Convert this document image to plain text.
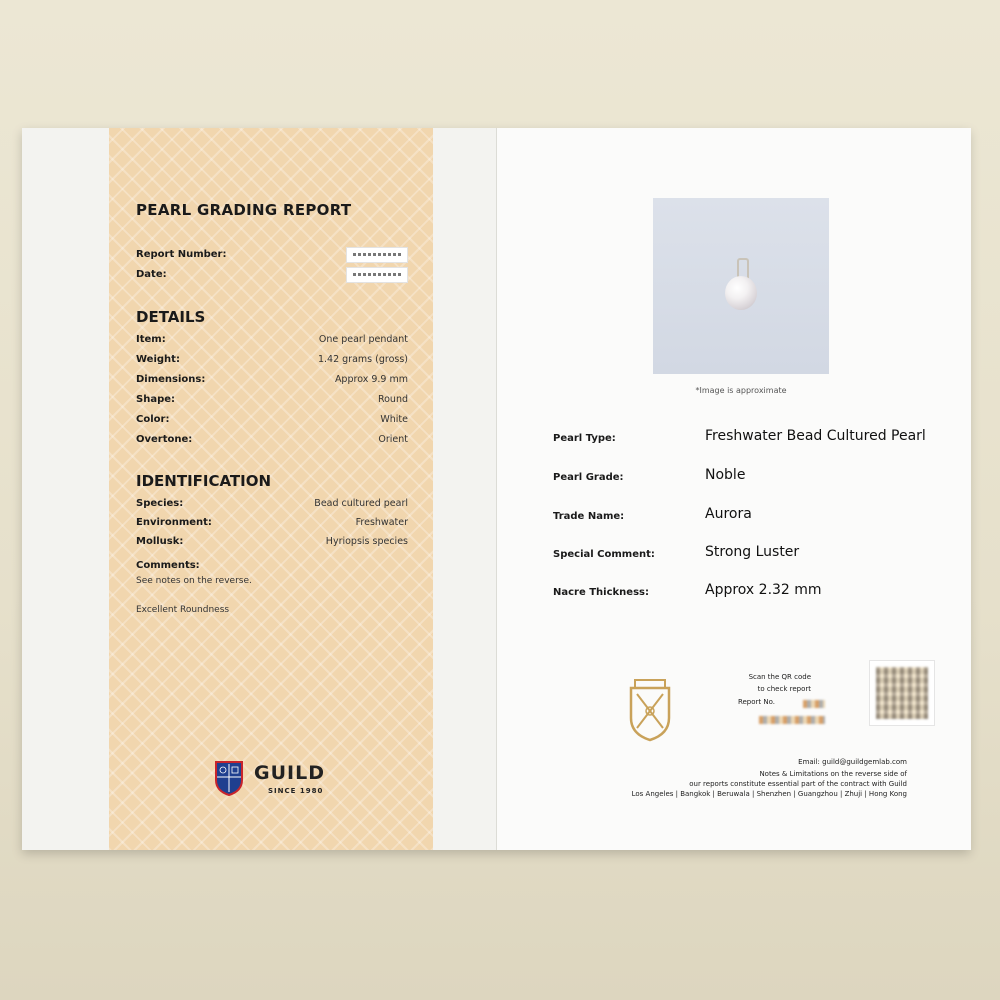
PEARL GRADING REPORT
Report Number:
Date:
DETAILS
Item:	One pearl pendant
Weight:	1.42 grams (gross)
Dimensions:	Approx 9.9 mm
Shape:	Round
Color:	White
Overtone:	Orient
IDENTIFICATION
Species:	Bead cultured pearl
Environment:	Freshwater
Mollusk:	Hyriopsis species
Comments:
See notes on the reverse.
Excellent Roundness
GUILD
SINCE 1980
*Image is approximate
Pearl Type:	Freshwater Bead Cultured Pearl
Pearl Grade:	Noble
Trade Name:	Aurora
Special Comment:	Strong Luster
Nacre Thickness:	Approx 2.32 mm
Scan the QR code
to check report
Report No.
Email: guild@guildgemlab.com
Notes & Limitations on the reverse side of
our reports constitute essential part of the contract with Guild
Los Angeles | Bangkok | Beruwala | Shenzhen | Guangzhou | Zhuji | Hong Kong
